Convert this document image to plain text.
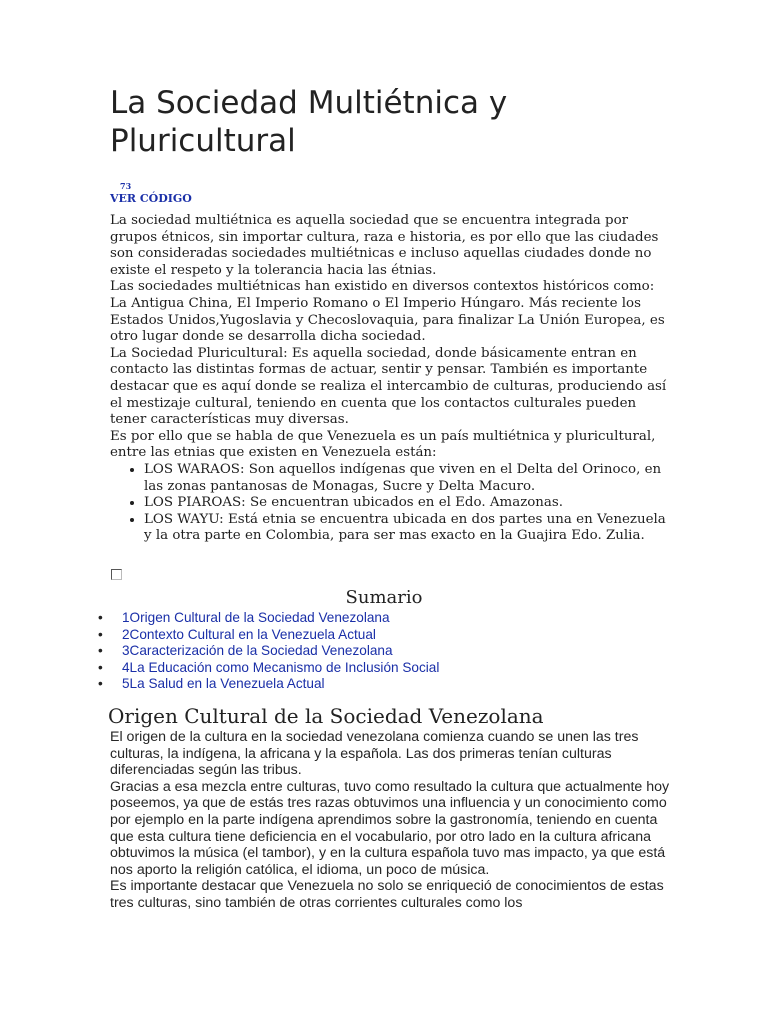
La Sociedad Multiétnica y Pluricultural
73
VER CÓDIGO

La sociedad multiétnica es aquella sociedad que se encuentra integrada por grupos étnicos, sin importar cultura, raza e historia, es por ello que las ciudades son consideradas sociedades multiétnicas e incluso aquellas ciudades donde no existe el respeto y la tolerancia hacia las étnias.

Las sociedades multiétnicas han existido en diversos contextos históricos como: La Antigua China, El Imperio Romano o El Imperio Húngaro. Más reciente los Estados Unidos,Yugoslavia y Checoslovaquia, para finalizar La Unión Europea, es otro lugar donde se desarrolla dicha sociedad.

La Sociedad Pluricultural: Es aquella sociedad, donde básicamente entran en contacto las distintas formas de actuar, sentir y pensar. También es importante destacar que es aquí donde se realiza el intercambio de culturas, produciendo así el mestizaje cultural, teniendo en cuenta que los contactos culturales pueden tener características muy diversas.

Es por ello que se habla de que Venezuela es un país multiétnica y pluricultural, entre las etnias que existen en Venezuela están:

• LOS WARAOS: Son aquellos indígenas que viven en el Delta del Orinoco, en las zonas pantanosas de Monagas, Sucre y Delta Macuro.
• LOS PIAROAS: Se encuentran ubicados en el Edo. Amazonas.
• LOS WAYU: Está etnia se encuentra ubicada en dos partes una en Venezuela y la otra parte en Colombia, para ser mas exacto en la Guajira Edo. Zulia.
Sumario
• 1Origen Cultural de la Sociedad Venezolana
• 2Contexto Cultural en la Venezuela Actual
• 3Caracterización de la Sociedad Venezolana
• 4La Educación como Mecanismo de Inclusión Social
• 5La Salud en la Venezuela Actual
Origen Cultural de la Sociedad Venezolana

El origen de la cultura en la sociedad venezolana comienza cuando se unen las tres culturas, la indígena, la africana y la española. Las dos primeras tenían culturas diferenciadas según las tribus.

Gracias a esa mezcla entre culturas, tuvo como resultado la cultura que actualmente hoy poseemos, ya que de estás tres razas obtuvimos una influencia y un conocimiento como por ejemplo en la parte indígena aprendimos sobre la gastronomía, teniendo en cuenta que esta cultura tiene deficiencia en el vocabulario, por otro lado en la cultura africana obtuvimos la música (el tambor), y en la cultura española tuvo mas impacto, ya que está nos aporto la religión católica, el idioma, un poco de música.

Es importante destacar que Venezuela no solo se enriqueció de conocimientos de estas tres culturas, sino también de otras corrientes culturales como los
